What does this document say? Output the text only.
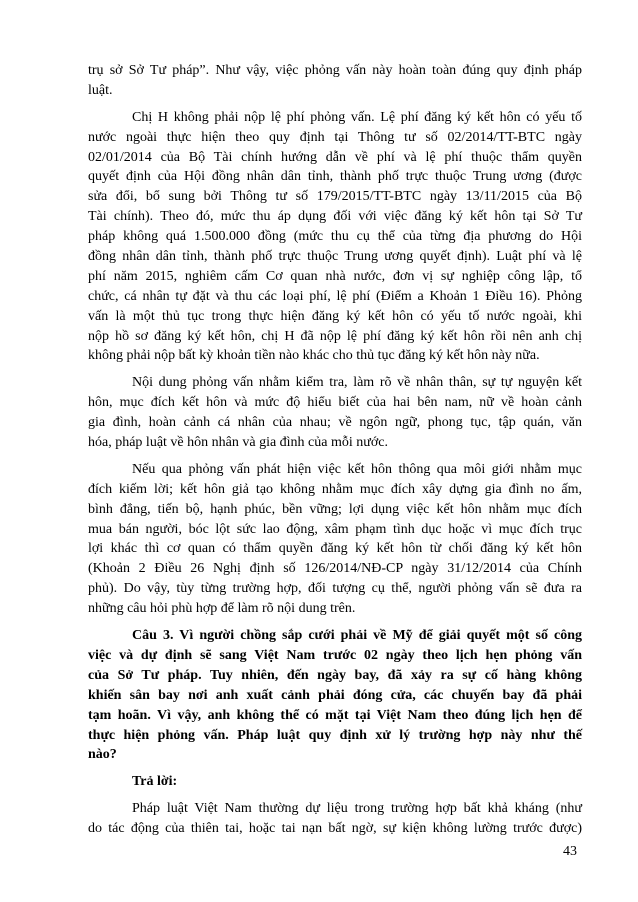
trụ sở Sở Tư pháp”. Như vậy, việc phỏng vấn này hoàn toàn đúng quy định pháp
luật.
Chị H không phải nộp lệ phí phỏng vấn. Lệ phí đăng ký kết hôn có yếu tố
nước ngoài thực hiện theo quy định tại Thông tư số 02/2014/TT-BTC ngày
02/01/2014 của Bộ Tài chính hướng dẫn về phí và lệ phí thuộc thẩm quyền
quyết định của Hội đồng nhân dân tỉnh, thành phố trực thuộc Trung ương (được
sửa đổi, bổ sung bởi Thông tư số 179/2015/TT-BTC ngày 13/11/2015 của Bộ
Tài chính). Theo đó, mức thu áp dụng đối với việc đăng ký kết hôn tại Sở Tư
pháp không quá 1.500.000 đồng (mức thu cụ thể của từng địa phương do Hội
đồng nhân dân tỉnh, thành phố trực thuộc Trung ương quyết định). Luật phí và lệ
phí năm 2015, nghiêm cấm Cơ quan nhà nước, đơn vị sự nghiệp công lập, tổ
chức, cá nhân tự đặt và thu các loại phí, lệ phí (Điểm a Khoản 1 Điều 16). Phỏng
vấn là một thủ tục trong thực hiện đăng ký kết hôn có yếu tố nước ngoài, khi
nộp hồ sơ đăng ký kết hôn, chị H đã nộp lệ phí đăng ký kết hôn rồi nên anh chị
không phải nộp bất kỳ khoản tiền nào khác cho thủ tục đăng ký kết hôn này nữa.
Nội dung phỏng vấn nhằm kiểm tra, làm rõ về nhân thân, sự tự nguyện kết
hôn, mục đích kết hôn và mức độ hiểu biết của hai bên nam, nữ về hoàn cảnh
gia đình, hoàn cảnh cá nhân của nhau; về ngôn ngữ, phong tục, tập quán, văn
hóa, pháp luật về hôn nhân và gia đình của mỗi nước.
Nếu qua phỏng vấn phát hiện việc kết hôn thông qua môi giới nhằm mục
đích kiếm lời; kết hôn giả tạo không nhằm mục đích xây dựng gia đình no ấm,
bình đẳng, tiến bộ, hạnh phúc, bền vững; lợi dụng việc kết hôn nhằm mục đích
mua bán người, bóc lột sức lao động, xâm phạm tình dục hoặc vì mục đích trục
lợi khác thì cơ quan có thẩm quyền đăng ký kết hôn từ chối đăng ký kết hôn
(Khoản 2 Điều 26 Nghị định số 126/2014/NĐ-CP ngày 31/12/2014 của Chính
phủ). Do vậy, tùy từng trường hợp, đối tượng cụ thể, người phỏng vấn sẽ đưa ra
những câu hỏi phù hợp để làm rõ nội dung trên.
Câu 3. Vì người chồng sắp cưới phải về Mỹ để giải quyết một số công
việc và dự định sẽ sang Việt Nam trước 02 ngày theo lịch hẹn phỏng vấn
của Sở Tư pháp. Tuy nhiên, đến ngày bay, đã xảy ra sự cố hàng không
khiến sân bay nơi anh xuất cảnh phải đóng cửa, các chuyến bay đã phải
tạm hoãn. Vì vậy, anh không thể có mặt tại Việt Nam theo đúng lịch hẹn để
thực hiện phỏng vấn. Pháp luật quy định xử lý trường hợp này như thế
nào?
Trả lời:
Pháp luật Việt Nam thường dự liệu trong trường hợp bất khả kháng (như
do tác động của thiên tai, hoặc tai nạn bất ngờ, sự kiện không lường trước được)
43
